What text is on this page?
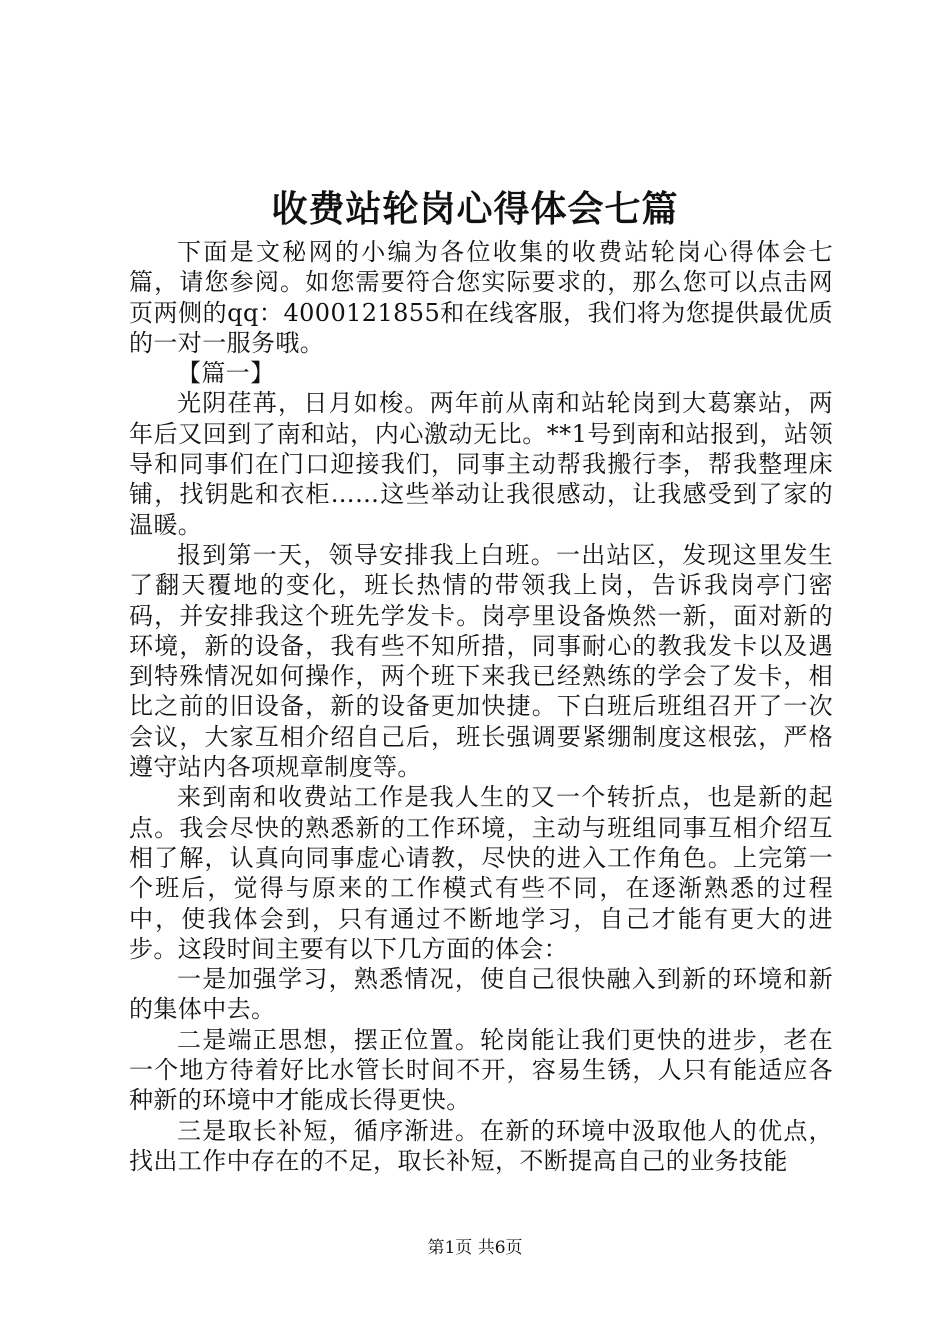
收费站轮岗心得体会七篇

下面是文秘网的小编为各位收集的收费站轮岗心得体会七篇，请您参阅。如您需要符合您实际要求的，那么您可以点击网页两侧的qq：4000121855和在线客服，我们将为您提供最优质的一对一服务哦。

【篇一】

光阴荏苒，日月如梭。两年前从南和站轮岗到大葛寨站，两年后又回到了南和站，内心激动无比。**1号到南和站报到，站领导和同事们在门口迎接我们，同事主动帮我搬行李，帮我整理床铺，找钥匙和衣柜……这些举动让我很感动，让我感受到了家的温暖。

报到第一天，领导安排我上白班。一出站区，发现这里发生了翻天覆地的变化，班长热情的带领我上岗，告诉我岗亭门密码，并安排我这个班先学发卡。岗亭里设备焕然一新，面对新的环境，新的设备，我有些不知所措，同事耐心的教我发卡以及遇到特殊情况如何操作，两个班下来我已经熟练的学会了发卡，相比之前的旧设备，新的设备更加快捷。下白班后班组召开了一次会议，大家互相介绍自己后，班长强调要紧绷制度这根弦，严格遵守站内各项规章制度等。

来到南和收费站工作是我人生的又一个转折点，也是新的起点。我会尽快的熟悉新的工作环境，主动与班组同事互相介绍互相了解，认真向同事虚心请教，尽快的进入工作角色。上完第一个班后，觉得与原来的工作模式有些不同，在逐渐熟悉的过程中，使我体会到，只有通过不断地学习，自己才能有更大的进步。这段时间主要有以下几方面的体会：

一是加强学习，熟悉情况，使自己很快融入到新的环境和新的集体中去。

二是端正思想，摆正位置。轮岗能让我们更快的进步，老在一个地方待着好比水管长时间不开，容易生锈，人只有能适应各种新的环境中才能成长得更快。

三是取长补短，循序渐进。在新的环境中汲取他人的优点，找出工作中存在的不足，取长补短，不断提高自己的业务技能

第1页 共6页
